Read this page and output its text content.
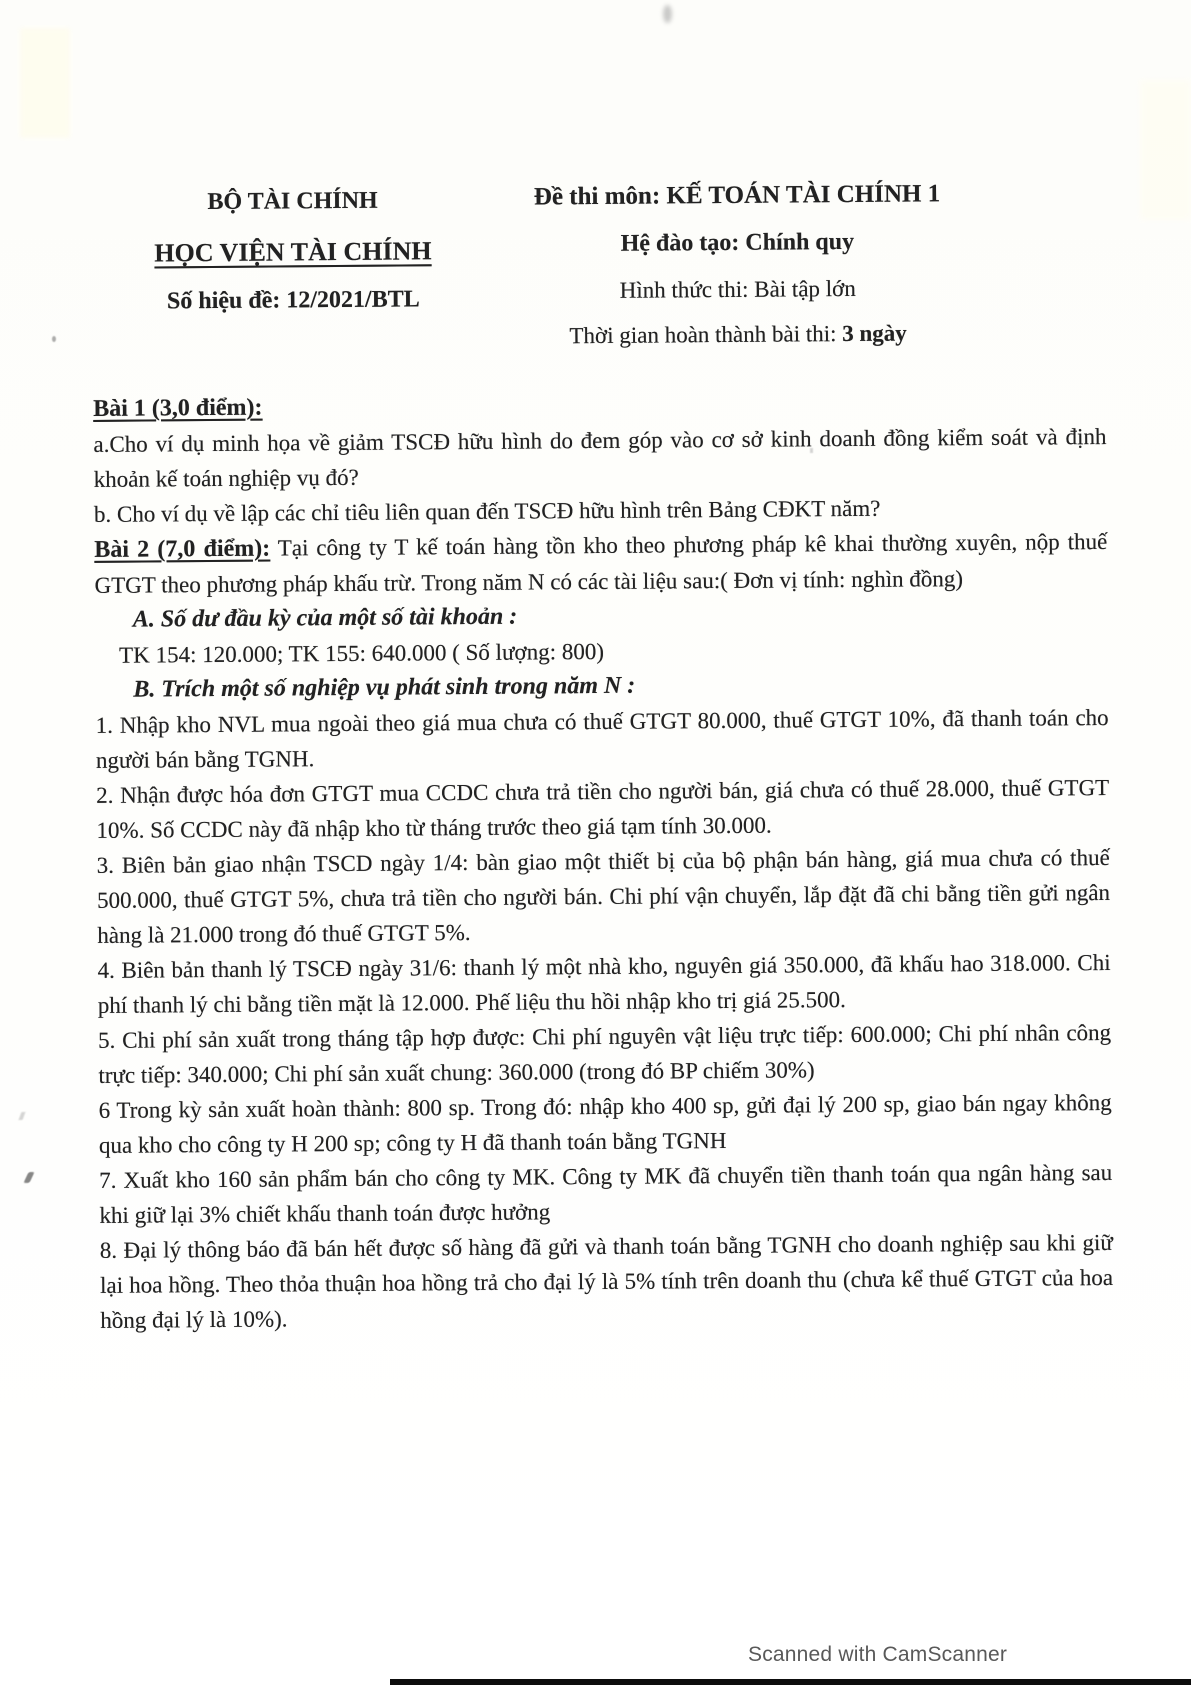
BỘ TÀI CHÍNH
HỌC VIỆN TÀI CHÍNH
Số hiệu đề: 12/2021/BTL
Đề thi môn: KẾ TOÁN TÀI CHÍNH 1
Hệ đào tạo: Chính quy
Hình thức thi: Bài tập lớn
Thời gian hoàn thành bài thi: 3 ngày

Bài 1 (3,0 điểm):

a.Cho ví dụ minh họa về giảm TSCĐ hữu hình do đem góp vào cơ sở kinh doanh đồng kiểm soát và định khoản kế toán nghiệp vụ đó?

b. Cho ví dụ về lập các chỉ tiêu liên quan đến TSCĐ hữu hình trên Bảng CĐKT năm?

Bài 2 (7,0 điểm): Tại công ty T kế toán hàng tồn kho theo phương pháp kê khai thường xuyên, nộp thuế GTGT theo phương pháp khấu trừ. Trong năm N có các tài liệu sau:( Đơn vị tính: nghìn đồng)

A. Số dư đầu kỳ của một số tài khoản :

TK 154: 120.000; TK 155: 640.000 ( Số lượng: 800)

B. Trích một số nghiệp vụ phát sinh trong năm N :

1. Nhập kho NVL mua ngoài theo giá mua chưa có thuế GTGT 80.000, thuế GTGT 10%, đã thanh toán cho người bán bằng TGNH.

2. Nhận được hóa đơn GTGT mua CCDC chưa trả tiền cho người bán, giá chưa có thuế 28.000, thuế GTGT 10%. Số CCDC này đã nhập kho từ tháng trước theo giá tạm tính 30.000.

3. Biên bản giao nhận TSCD ngày 1/4: bàn giao một thiết bị của bộ phận bán hàng, giá mua chưa có thuế 500.000, thuế GTGT 5%, chưa trả tiền cho người bán. Chi phí vận chuyển, lắp đặt đã chi bằng tiền gửi ngân hàng là 21.000 trong đó thuế GTGT 5%.

4. Biên bản thanh lý TSCĐ ngày 31/6: thanh lý một nhà kho, nguyên giá 350.000, đã khấu hao 318.000. Chi phí thanh lý chi bằng tiền mặt là 12.000. Phế liệu thu hồi nhập kho trị giá 25.500.

5. Chi phí sản xuất trong tháng tập hợp được: Chi phí nguyên vật liệu trực tiếp: 600.000; Chi phí nhân công trực tiếp: 340.000; Chi phí sản xuất chung: 360.000 (trong đó BP chiếm 30%)

6 Trong kỳ sản xuất hoàn thành: 800 sp. Trong đó: nhập kho 400 sp, gửi đại lý 200 sp, giao bán ngay không qua kho cho công ty H 200 sp; công ty H đã thanh toán bằng TGNH

7. Xuất kho 160 sản phẩm bán cho công ty MK. Công ty MK đã chuyển tiền thanh toán qua ngân hàng sau khi giữ lại 3% chiết khấu thanh toán được hưởng

8. Đại lý thông báo đã bán hết được số hàng đã gửi và thanh toán bằng TGNH cho doanh nghiệp sau khi giữ lại hoa hồng. Theo thỏa thuận hoa hồng trả cho đại lý là 5% tính trên doanh thu (chưa kể thuế GTGT của hoa hồng đại lý là 10%).

Scanned with CamScanner
